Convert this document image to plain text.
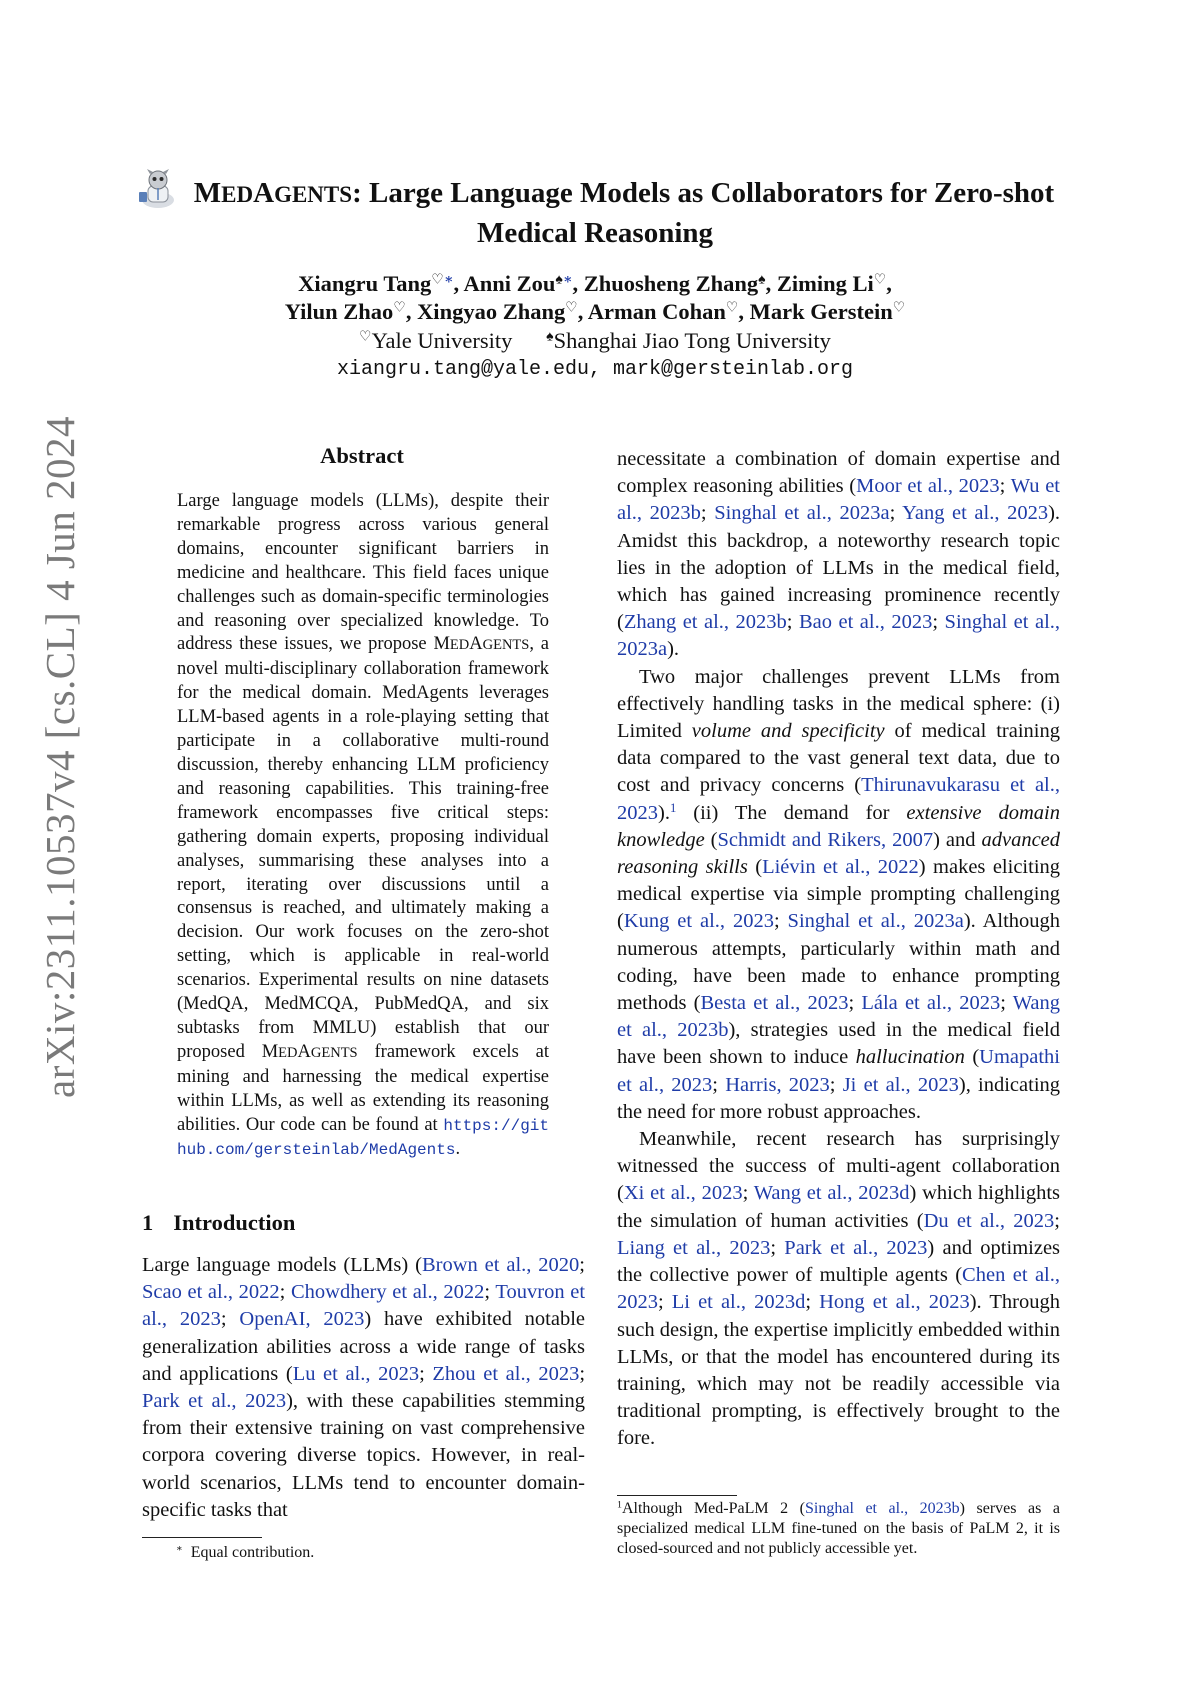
arXiv:2311.10537v4 [cs.CL] 4 Jun 2024
MEDAGENTS: Large Language Models as Collaborators for Zero-shot
Medical Reasoning
Xiangru Tang♡∗, Anni Zou♠∗, Zhuosheng Zhang♠, Ziming Li♡,
Yilun Zhao♡, Xingyao Zhang♡, Arman Cohan♡, Mark Gerstein♡
♡Yale University ♠Shanghai Jiao Tong University
xiangru.tang@yale.edu, mark@gersteinlab.org
Abstract
Large language models (LLMs), despite their remarkable progress across various general domains, encounter significant barriers in medicine and healthcare. This field faces unique challenges such as domain-specific terminologies and reasoning over specialized knowledge. To address these issues, we propose MEDAGENTS, a novel multi-disciplinary collaboration framework for the medical domain. MedAgents leverages LLM-based agents in a role-playing setting that participate in a collaborative multi-round discussion, thereby enhancing LLM proficiency and reasoning capabilities. This training-free framework encompasses five critical steps: gathering domain experts, proposing individual analyses, summarising these analyses into a report, iterating over discussions until a consensus is reached, and ultimately making a decision. Our work focuses on the zero-shot setting, which is applicable in real-world scenarios. Experimental results on nine datasets (MedQA, MedMCQA, PubMedQA, and six subtasks from MMLU) establish that our proposed MEDAGENTS framework excels at mining and harnessing the medical expertise within LLMs, as well as extending its reasoning abilities. Our code can be found at https://github.com/gersteinlab/MedAgents.
1 Introduction
Large language models (LLMs) (Brown et al., 2020; Scao et al., 2022; Chowdhery et al., 2022; Touvron et al., 2023; OpenAI, 2023) have exhibited notable generalization abilities across a wide range of tasks and applications (Lu et al., 2023; Zhou et al., 2023; Park et al., 2023), with these capabilities stemming from their extensive training on vast comprehensive corpora covering diverse topics. However, in real-world scenarios, LLMs tend to encounter domain-specific tasks that
∗ Equal contribution.

necessitate a combination of domain expertise and complex reasoning abilities (Moor et al., 2023; Wu et al., 2023b; Singhal et al., 2023a; Yang et al., 2023). Amidst this backdrop, a noteworthy research topic lies in the adoption of LLMs in the medical field, which has gained increasing prominence recently (Zhang et al., 2023b; Bao et al., 2023; Singhal et al., 2023a).

Two major challenges prevent LLMs from effectively handling tasks in the medical sphere: (i) Limited volume and specificity of medical training data compared to the vast general text data, due to cost and privacy concerns (Thirunavukarasu et al., 2023).$^1$ (ii) The demand for extensive domain knowledge (Schmidt and Rikers, 2007) and advanced reasoning skills (Liévin et al., 2022) makes eliciting medical expertise via simple prompting challenging (Kung et al., 2023; Singhal et al., 2023a). Although numerous attempts, particularly within math and coding, have been made to enhance prompting methods (Besta et al., 2023; Lála et al., 2023; Wang et al., 2023b), strategies used in the medical field have been shown to induce hallucination (Umapathi et al., 2023; Harris, 2023; Ji et al., 2023), indicating the need for more robust approaches.

Meanwhile, recent research has surprisingly witnessed the success of multi-agent collaboration (Xi et al., 2023; Wang et al., 2023d) which highlights the simulation of human activities (Du et al., 2023; Liang et al., 2023; Park et al., 2023) and optimizes the collective power of multiple agents (Chen et al., 2023; Li et al., 2023d; Hong et al., 2023). Through such design, the expertise implicitly embedded within LLMs, or that the model has encountered during its training, which may not be readily accessible via traditional prompting, is effectively brought to the fore.

$^1$Although Med-PaLM 2 (Singhal et al., 2023b) serves as a specialized medical LLM fine-tuned on the basis of PaLM 2, it is closed-sourced and not publicly accessible yet.
